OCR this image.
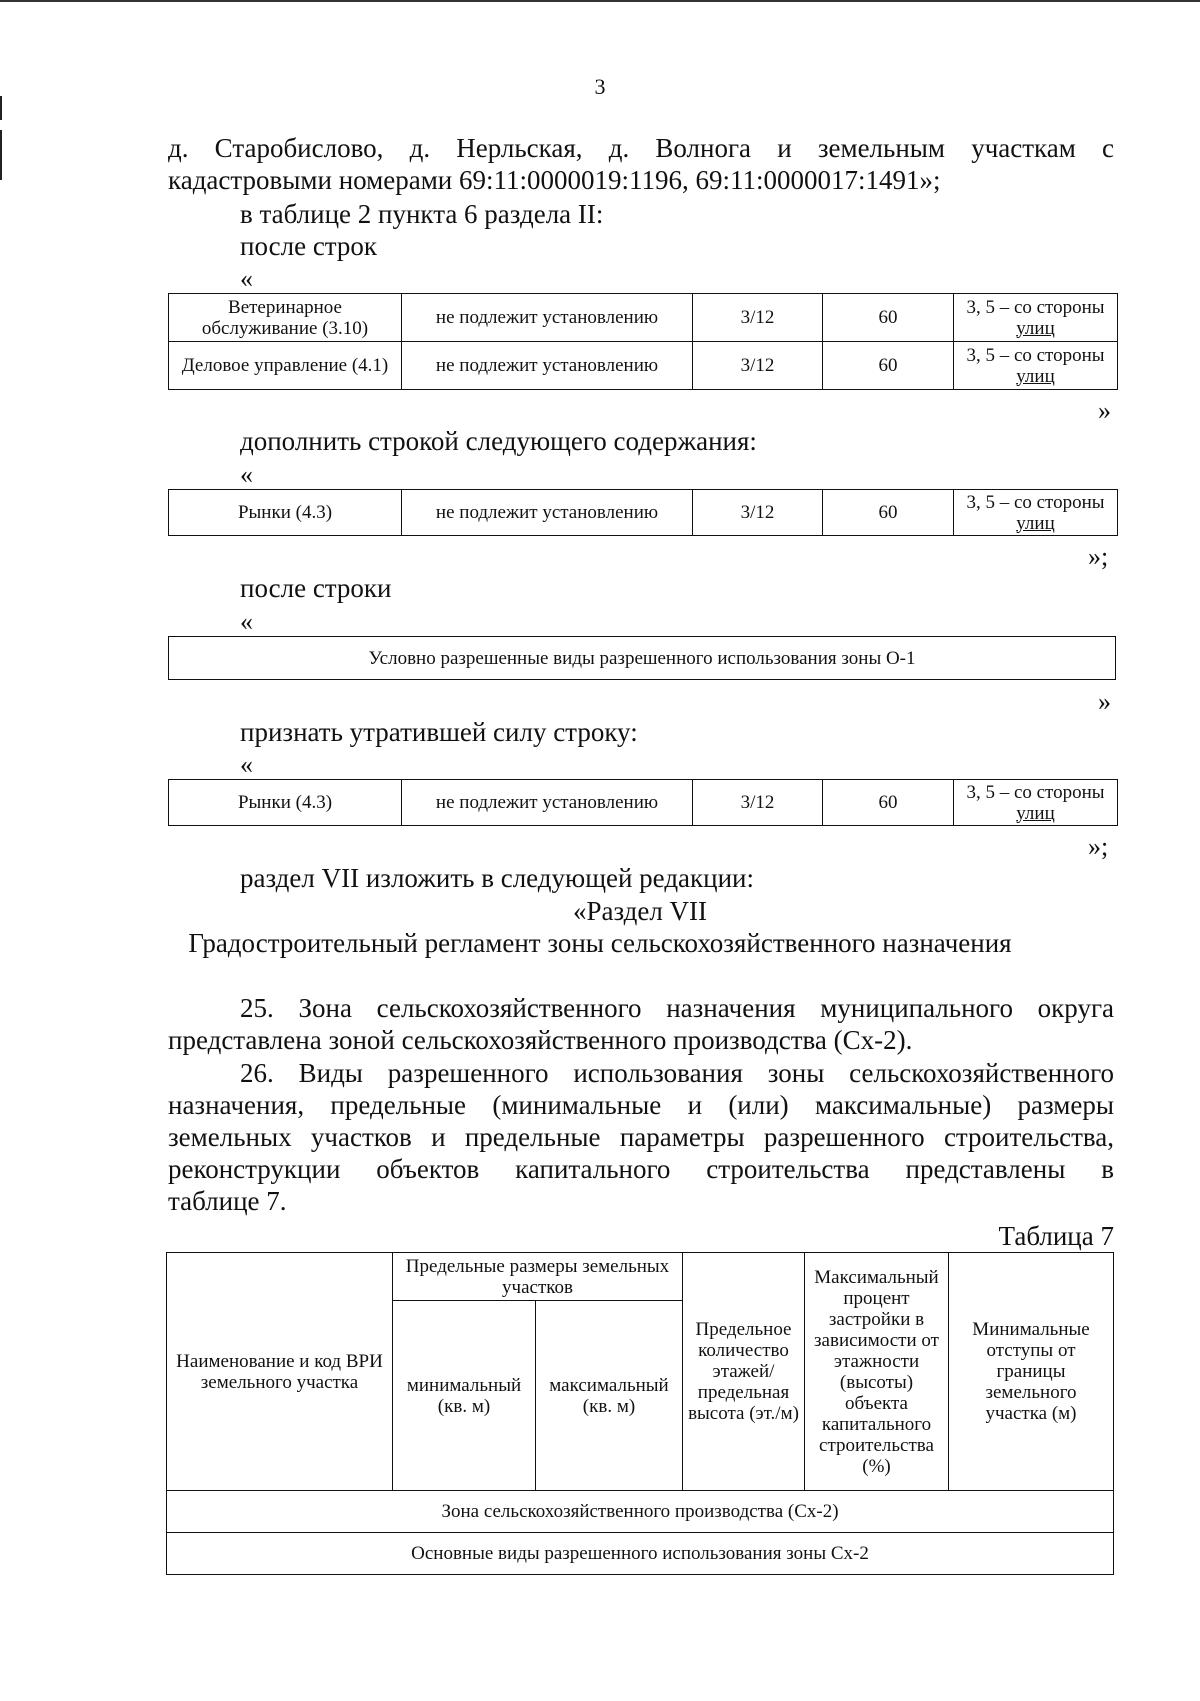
3
д. Старобислово, д. Нерльская, д. Волнога и земельным участкам с
кадастровыми номерами 69:11:0000019:1196, 69:11:0000017:1491»;
в таблице 2 пункта 6 раздела II:
после строк
«
Ветеринарное обслуживание (3.10)	не подлежит установлению	3/12	60	3, 5 – со стороны
улиц

Деловое управление (4.1)	не подлежит установлению	3/12	60	3, 5 – со стороны
улиц
»
дополнить строкой следующего содержания:
«
Рынки (4.3)	не подлежит установлению	3/12	60	3, 5 – со стороны
улиц
»;
после строки
«
Условно разрешенные виды разрешенного использования зоны О-1
»
признать утратившей силу строку:
«
Рынки (4.3)	не подлежит установлению	3/12	60	3, 5 – со стороны
улиц
»;
раздел VII изложить в следующей редакции:
«Раздел VII
Градостроительный регламент зоны сельскохозяйственного назначения
25. Зона сельскохозяйственного назначения муниципального округа
представлена зоной сельскохозяйственного производства (Сх-2).
26. Виды разрешенного использования зоны сельскохозяйственного
назначения, предельные (минимальные и (или) максимальные) размеры
земельных участков и предельные параметры разрешенного строительства,
реконструкции объектов капитального строительства представлены в
таблице 7.
Таблица 7
Наименование и код ВРИ земельного участка	Предельные размеры земельных участков		Предельное количество этажей/ предельная высота (эт./м)	Максимальный процент застройки в зависимости от этажности (высоты) объекта капитального строительства (%)	Минимальные отступы от границы земельного участка (м)
	минимальный (кв. м)	максимальный (кв. м)			
Зона сельскохозяйственного производства (Сх-2)					
Основные виды разрешенного использования зоны Сх-2					
